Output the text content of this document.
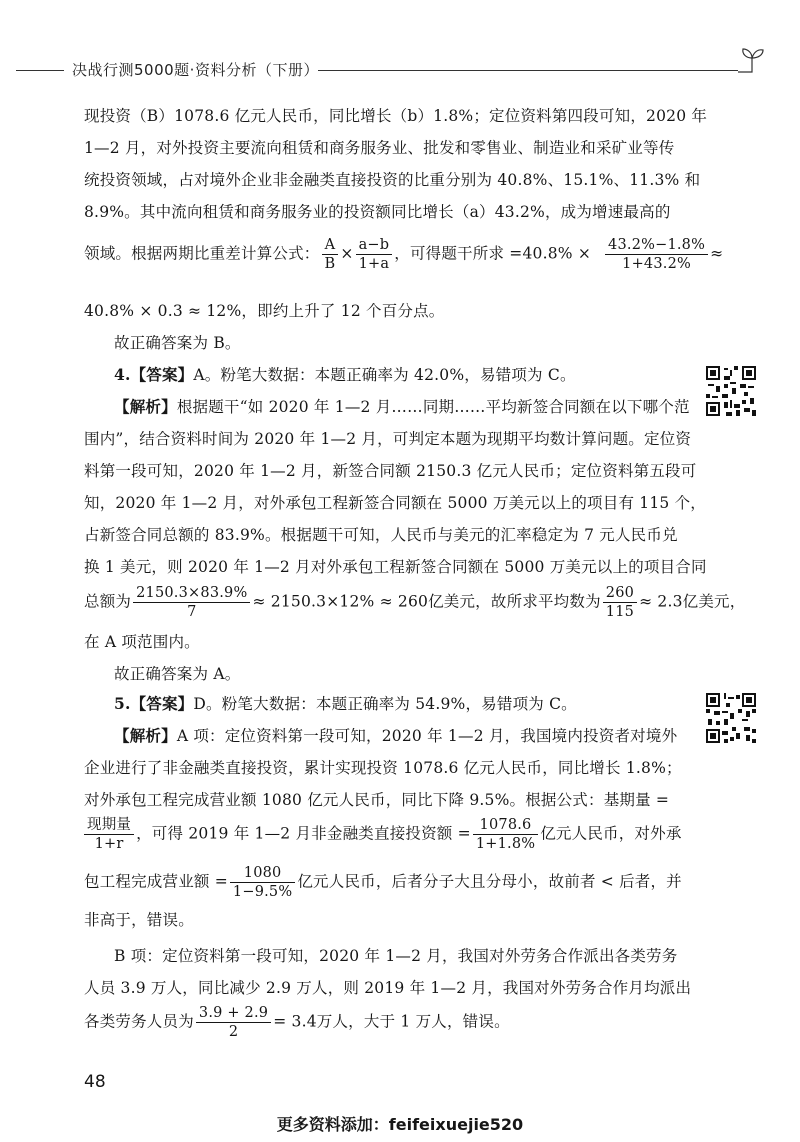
决战行测5000题·资料分析（下册）
现投资（B）1078.6 亿元人民币，同比增长（b）1.8%；定位资料第四段可知，2020 年
1—2 月，对外投资主要流向租赁和商务服务业、批发和零售业、制造业和采矿业等传
统投资领域，占对境外企业非金融类直接投资的比重分别为 40.8%、15.1%、11.3% 和
8.9%。其中流向租赁和商务服务业的投资额同比增长（a）43.2%，成为增速最高的
领域。根据两期比重差计算公式： $\frac{A}{B} \times \frac{a-b}{1+a}$ ，可得题干所求 $=40.8\% \times \frac{43.2\%-1.8\%}{1+43.2\%}$ ≈
40.8% × 0.3 ≈ 12%，即约上升了 12 个百分点。
故正确答案为 B。
4.【答案】A。粉笔大数据：本题正确率为 42.0%，易错项为 C。
【解析】根据题干“如 2020 年 1—2 月……同期……平均新签合同额在以下哪个范
围内”，结合资料时间为 2020 年 1—2 月，可判定本题为现期平均数计算问题。定位资
料第一段可知，2020 年 1—2 月，新签合同额 2150.3 亿元人民币；定位资料第五段可
知，2020 年 1—2 月，对外承包工程新签合同额在 5000 万美元以上的项目有 115 个，
占新签合同总额的 83.9%。根据题干可知，人民币与美元的汇率稳定为 7 元人民币兑
换 1 美元，则 2020 年 1—2 月对外承包工程新签合同额在 5000 万美元以上的项目合同
总额为 $\frac{2150.3\times 83.9\%}{7} \approx 2150.3\times 12\% \approx 260$亿美元，故所求平均数为 $\frac{260}{115} \approx 2.3$亿美元，
在 A 项范围内。
故正确答案为 A。
5.【答案】D。粉笔大数据：本题正确率为 54.9%，易错项为 C。
【解析】A 项：定位资料第一段可知，2020 年 1—2 月，我国境内投资者对境外
企业进行了非金融类直接投资，累计实现投资 1078.6 亿元人民币，同比增长 1.8%；
对外承包工程完成营业额 1080 亿元人民币，同比下降 9.5%。根据公式：基期量 =
$\frac{\text{现期量}}{1+r}$ ，可得 2019 年 1—2 月非金融类直接投资额 = $\frac{1078.6}{1+1.8\%}$ 亿元人民币，对外承
包工程完成营业额 = $\frac{1080}{1-9.5\%}$ 亿元人民币，后者分子大且分母小，故前者 < 后者，并
非高于，错误。
B 项：定位资料第一段可知，2020 年 1—2 月，我国对外劳务合作派出各类劳务
人员 3.9 万人，同比减少 2.9 万人，则 2019 年 1—2 月，我国对外劳务合作月均派出
各类劳务人员为 $\frac{3.9 + 2.9}{2} = 3.4$万人，大于 1 万人，错误。
48
更多资料添加：feifeixuejie520
